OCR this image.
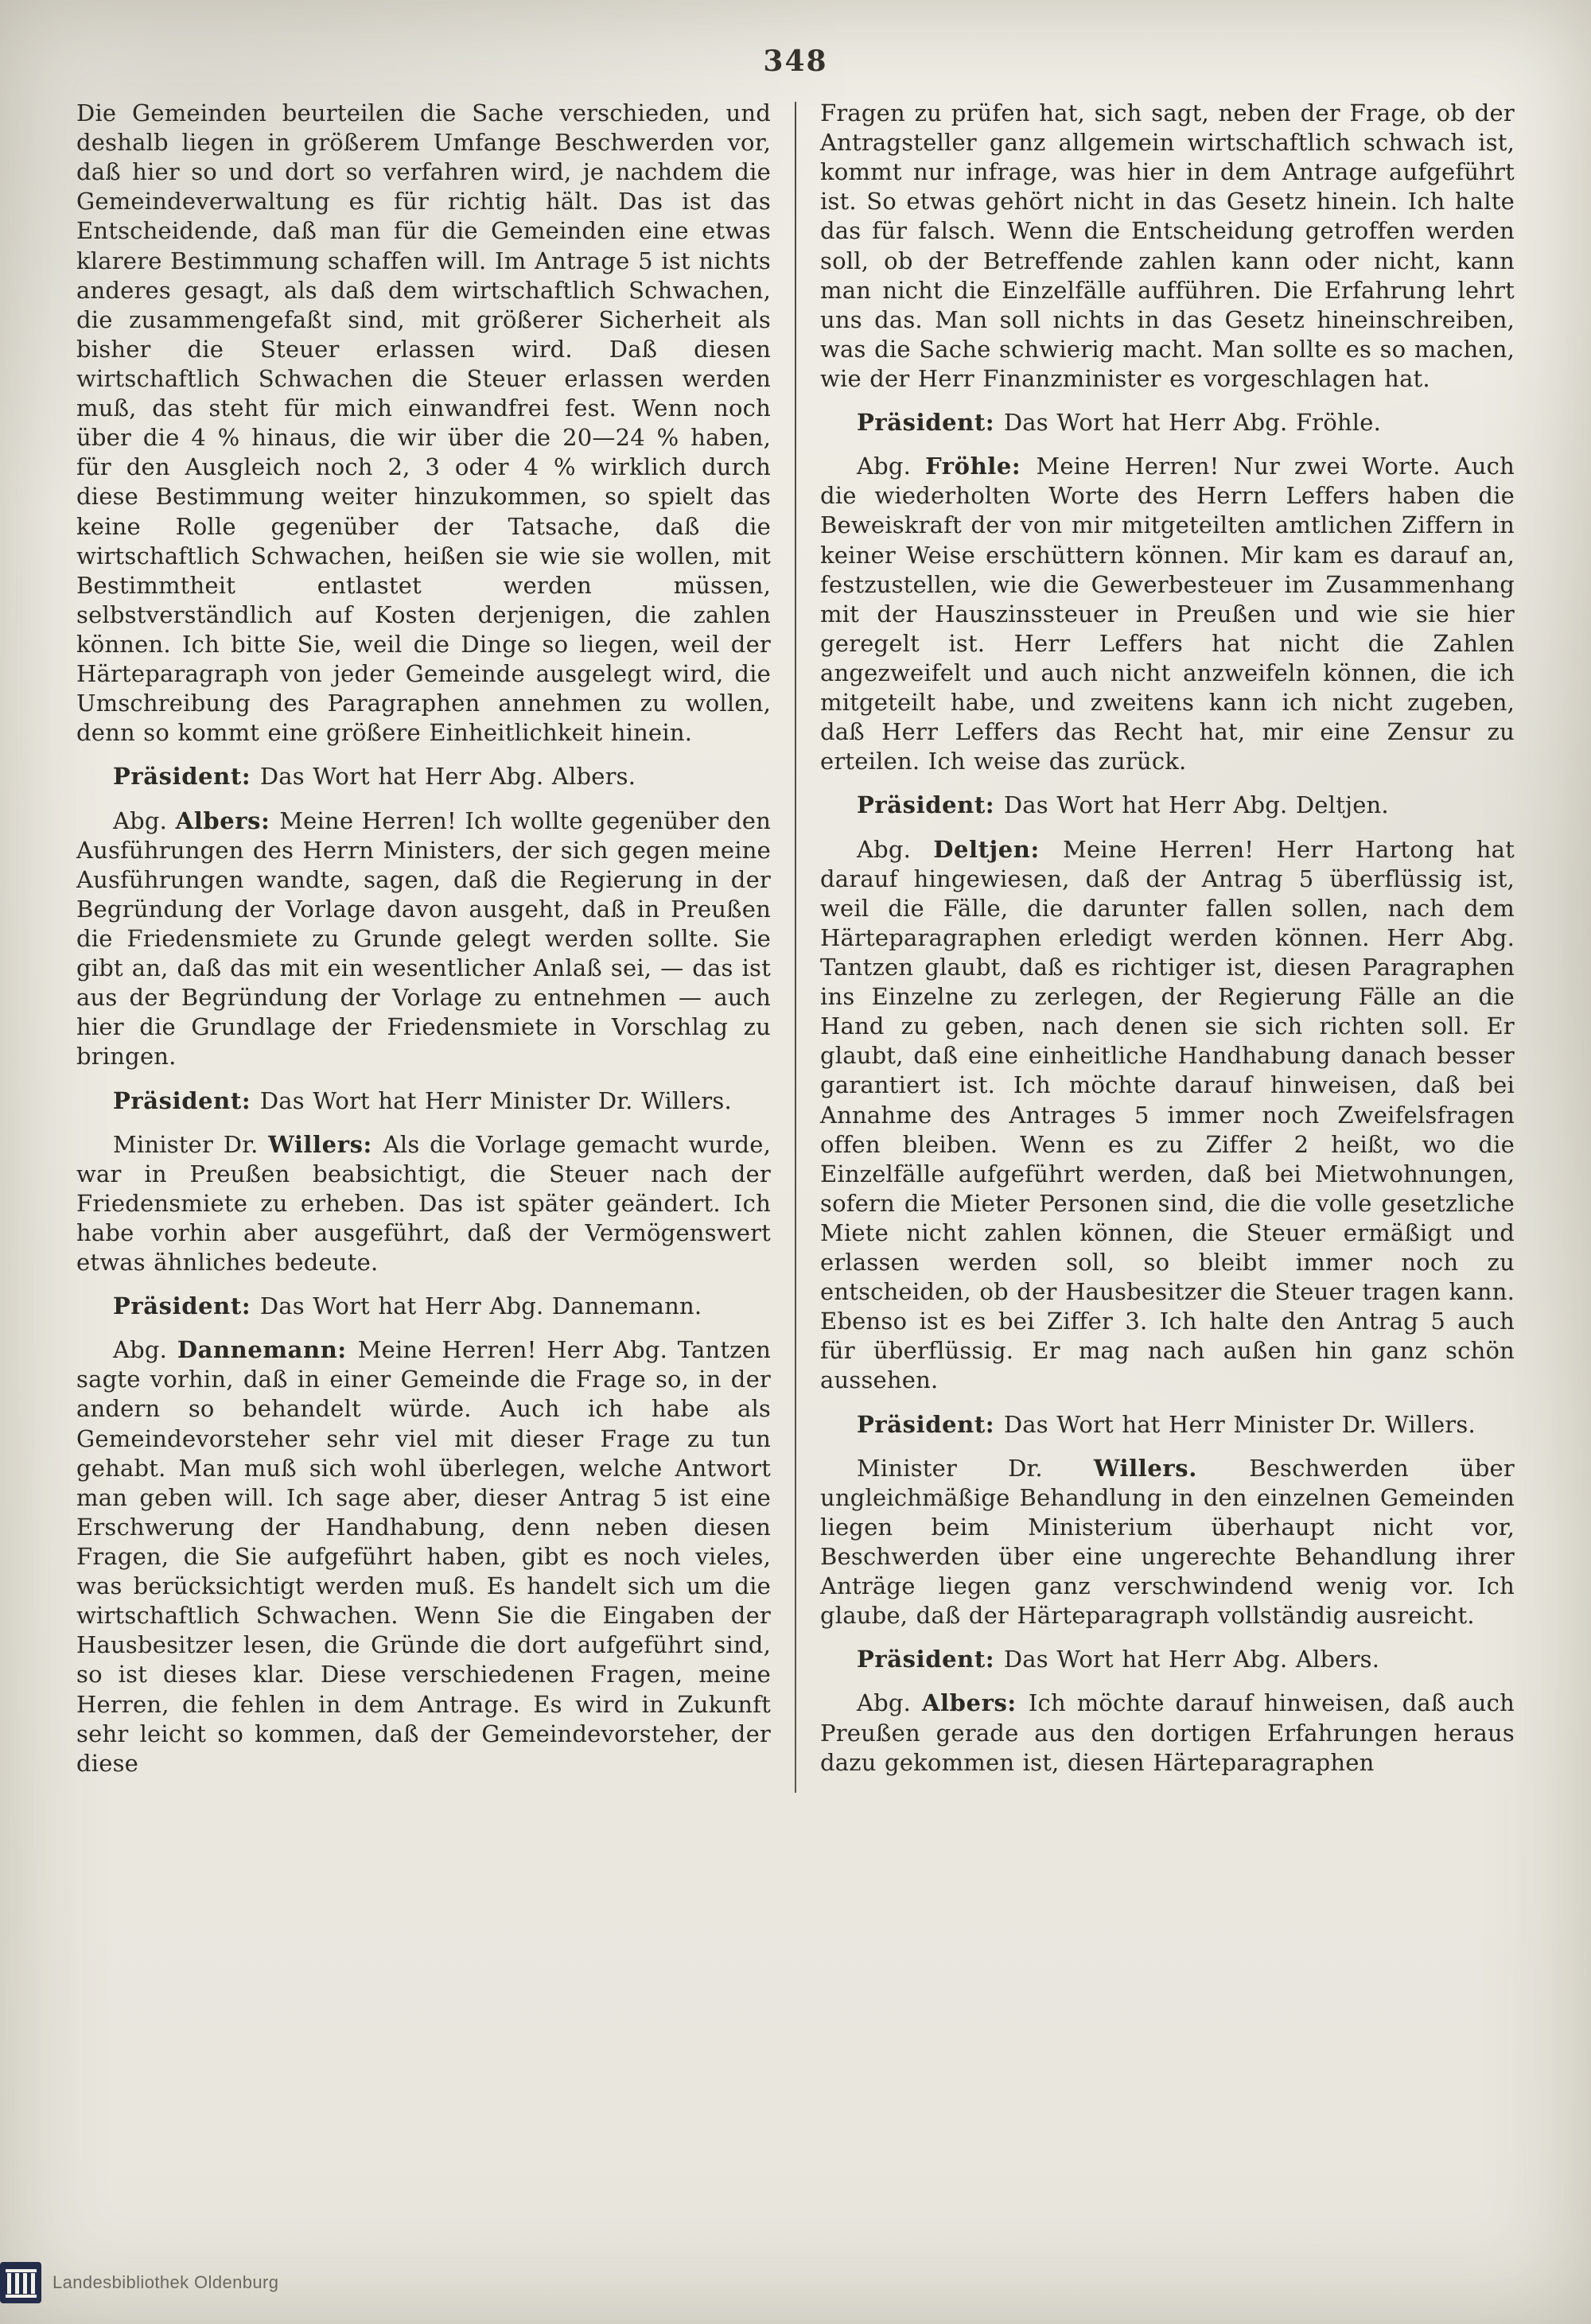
348

Die Gemeinden beurteilen die Sache verschieden, und deshalb liegen in größerem Umfange Beschwerden vor, daß hier so und dort so verfahren wird, je nachdem die Gemeindeverwaltung es für richtig hält. Das ist das Entscheidende, daß man für die Gemeinden eine etwas klarere Bestimmung schaffen will. Im Antrage 5 ist nichts anderes gesagt, als daß dem wirtschaftlich Schwachen, die zusammengefaßt sind, mit größerer Sicherheit als bisher die Steuer erlassen wird. Daß diesen wirtschaftlich Schwachen die Steuer erlassen werden muß, das steht für mich einwandfrei fest. Wenn noch über die 4 % hinaus, die wir über die 20—24 % haben, für den Ausgleich noch 2, 3 oder 4 % wirklich durch diese Bestimmung weiter hinzukommen, so spielt das keine Rolle gegenüber der Tatsache, daß die wirtschaftlich Schwachen, heißen sie wie sie wollen, mit Bestimmtheit entlastet werden müssen, selbstverständlich auf Kosten derjenigen, die zahlen können. Ich bitte Sie, weil die Dinge so liegen, weil der Härteparagraph von jeder Gemeinde ausgelegt wird, die Umschreibung des Paragraphen annehmen zu wollen, denn so kommt eine größere Einheitlichkeit hinein.

Präsident: Das Wort hat Herr Abg. Albers.

Abg. Albers: Meine Herren! Ich wollte gegenüber den Ausführungen des Herrn Ministers, der sich gegen meine Ausführungen wandte, sagen, daß die Regierung in der Begründung der Vorlage davon ausgeht, daß in Preußen die Friedensmiete zu Grunde gelegt werden sollte. Sie gibt an, daß das mit ein wesentlicher Anlaß sei, — das ist aus der Begründung der Vorlage zu entnehmen — auch hier die Grundlage der Friedensmiete in Vorschlag zu bringen.

Präsident: Das Wort hat Herr Minister Dr. Willers.

Minister Dr. Willers: Als die Vorlage gemacht wurde, war in Preußen beabsichtigt, die Steuer nach der Friedensmiete zu erheben. Das ist später geändert. Ich habe vorhin aber ausgeführt, daß der Vermögenswert etwas ähnliches bedeute.

Präsident: Das Wort hat Herr Abg. Dannemann.

Abg. Dannemann: Meine Herren! Herr Abg. Tantzen sagte vorhin, daß in einer Gemeinde die Frage so, in der andern so behandelt würde. Auch ich habe als Gemeindevorsteher sehr viel mit dieser Frage zu tun gehabt. Man muß sich wohl überlegen, welche Antwort man geben will. Ich sage aber, dieser Antrag 5 ist eine Erschwerung der Handhabung, denn neben diesen Fragen, die Sie aufgeführt haben, gibt es noch vieles, was berücksichtigt werden muß. Es handelt sich um die wirtschaftlich Schwachen. Wenn Sie die Eingaben der Hausbesitzer lesen, die Gründe die dort aufgeführt sind, so ist dieses klar. Diese verschiedenen Fragen, meine Herren, die fehlen in dem Antrage. Es wird in Zukunft sehr leicht so kommen, daß der Gemeindevorsteher, der diese

Fragen zu prüfen hat, sich sagt, neben der Frage, ob der Antragsteller ganz allgemein wirtschaftlich schwach ist, kommt nur infrage, was hier in dem Antrage aufgeführt ist. So etwas gehört nicht in das Gesetz hinein. Ich halte das für falsch. Wenn die Entscheidung getroffen werden soll, ob der Betreffende zahlen kann oder nicht, kann man nicht die Einzelfälle aufführen. Die Erfahrung lehrt uns das. Man soll nichts in das Gesetz hineinschreiben, was die Sache schwierig macht. Man sollte es so machen, wie der Herr Finanzminister es vorgeschlagen hat.

Präsident: Das Wort hat Herr Abg. Fröhle.

Abg. Fröhle: Meine Herren! Nur zwei Worte. Auch die wiederholten Worte des Herrn Leffers haben die Beweiskraft der von mir mitgeteilten amtlichen Ziffern in keiner Weise erschüttern können. Mir kam es darauf an, festzustellen, wie die Gewerbesteuer im Zusammenhang mit der Hauszinssteuer in Preußen und wie sie hier geregelt ist. Herr Leffers hat nicht die Zahlen angezweifelt und auch nicht anzweifeln können, die ich mitgeteilt habe, und zweitens kann ich nicht zugeben, daß Herr Leffers das Recht hat, mir eine Zensur zu erteilen. Ich weise das zurück.

Präsident: Das Wort hat Herr Abg. Deltjen.

Abg. Deltjen: Meine Herren! Herr Hartong hat darauf hingewiesen, daß der Antrag 5 überflüssig ist, weil die Fälle, die darunter fallen sollen, nach dem Härteparagraphen erledigt werden können. Herr Abg. Tantzen glaubt, daß es richtiger ist, diesen Paragraphen ins Einzelne zu zerlegen, der Regierung Fälle an die Hand zu geben, nach denen sie sich richten soll. Er glaubt, daß eine einheitliche Handhabung danach besser garantiert ist. Ich möchte darauf hinweisen, daß bei Annahme des Antrages 5 immer noch Zweifelsfragen offen bleiben. Wenn es zu Ziffer 2 heißt, wo die Einzelfälle aufgeführt werden, daß bei Mietwohnungen, sofern die Mieter Personen sind, die die volle gesetzliche Miete nicht zahlen können, die Steuer ermäßigt und erlassen werden soll, so bleibt immer noch zu entscheiden, ob der Hausbesitzer die Steuer tragen kann. Ebenso ist es bei Ziffer 3. Ich halte den Antrag 5 auch für überflüssig. Er mag nach außen hin ganz schön aussehen.

Präsident: Das Wort hat Herr Minister Dr. Willers.

Minister Dr. Willers. Beschwerden über ungleichmäßige Behandlung in den einzelnen Gemeinden liegen beim Ministerium überhaupt nicht vor, Beschwerden über eine ungerechte Behandlung ihrer Anträge liegen ganz verschwindend wenig vor. Ich glaube, daß der Härteparagraph vollständig ausreicht.

Präsident: Das Wort hat Herr Abg. Albers.

Abg. Albers: Ich möchte darauf hinweisen, daß auch Preußen gerade aus den dortigen Erfahrungen heraus dazu gekommen ist, diesen Härteparagraphen

Landesbibliothek Oldenburg
